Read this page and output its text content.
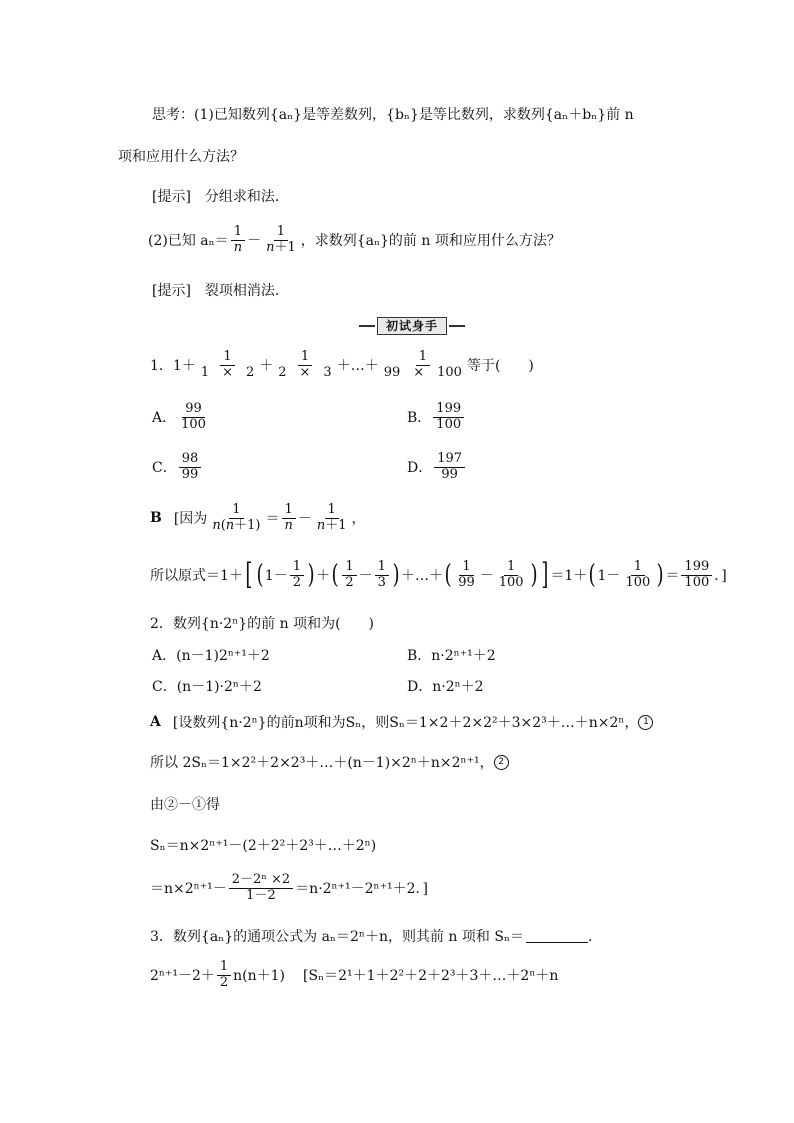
思考：(1)已知数列{aₙ}是等差数列，{bₙ}是等比数列，求数列{aₙ＋bₙ}前 n
项和应用什么方法？
[提示]　分组求和法．
(2)已知 $a_n= \frac{1}{n} - \frac{1}{n+1}$ ，求数列{aₙ}的前 n 项和应用什么方法？
[提示]　裂项相消法．
初试身手
1．$1+ \frac{1}{1 \times 2} + \frac{1}{2 \times 3}$ ＋…＋ $\frac{1}{99 \times 100}$ 等于(　　)
A． $\frac{99}{100}$	B． $\frac{199}{100}$
C． $\frac{98}{99}$	D． $\frac{197}{99}$
B [因为 $\frac{1}{n(n+1)} = \frac{1}{n} - \frac{1}{n+1}$ ，
所以原式＝1＋ [ ( $1- \frac{1}{2}$ ) ＋ ( $\frac{1}{2} - \frac{1}{3}$ ) ＋…＋ ( $\frac{1}{99} - \frac{1}{100}$ ) ] ＝1＋ ( $1- \frac{1}{100}$ ) ＝ $\frac{199}{100}$ ．]
2．数列{n·2ⁿ}的前 n 项和为(　　)
A．(n－1)2ⁿ⁺¹＋2	B．n·2ⁿ⁺¹＋2
C．(n－1)·2ⁿ＋2	D．n·2ⁿ＋2
A [设数列{n·2ⁿ}的前n项和为Sₙ，则Sₙ＝1×2＋2×2²＋3×2³＋…＋n×2ⁿ， 1
所以 2Sₙ＝1×2²＋2×2³＋…＋(n－1)×2ⁿ＋n×2ⁿ⁺¹， 2
由②－①得
Sₙ＝n×2ⁿ⁺¹－(2＋2²＋2³＋…＋2ⁿ)
$=n\times 2^{n+1}- \frac{\text{2－2ⁿ ×2}}{1-2} =n\cdot 2^{n+1}-2^{n+1}+2$．]
3．数列{aₙ}的通项公式为 aₙ＝2ⁿ＋n，则其前 n 项和 Sₙ＝	．
$2^{n+1}-2+ \frac{1}{2} n(n+1)$ [Sₙ＝2¹＋1＋2²＋2＋2³＋3＋…＋2ⁿ＋n
